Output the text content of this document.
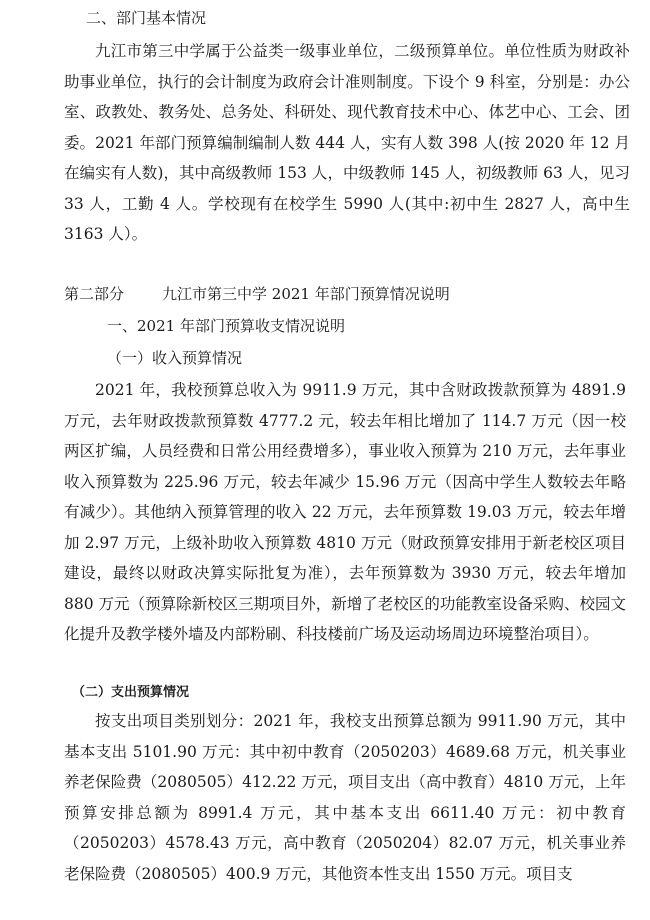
二、部门基本情况

九江市第三中学属于公益类一级事业单位，二级预算单位。单位性质为财政补助事业单位，执行的会计制度为政府会计准则制度。下设个 9 科室，分别是：办公室、政教处、教务处、总务处、科研处、现代教育技术中心、体艺中心、工会、团委。2021 年部门预算编制编制人数 444 人，实有人数 398 人(按 2020 年 12 月在编实有人数)，其中高级教师 153 人，中级教师 145 人，初级教师 63 人，见习 33 人，工勤 4 人。学校现有在校学生 5990 人(其中:初中生 2827 人，高中生 3163 人）。

第二部分	九江市第三中学 2021 年部门预算情况说明

一、2021 年部门预算收支情况说明

（一）收入预算情况

2021 年，我校预算总收入为 9911.9 万元，其中含财政拨款预算为 4891.9 万元，去年财政拨款预算数 4777.2 元，较去年相比增加了 114.7 万元（因一校两区扩编，人员经费和日常公用经费增多），事业收入预算为 210 万元，去年事业收入预算数为 225.96 万元，较去年减少 15.96 万元（因高中学生人数较去年略有减少）。其他纳入预算管理的收入 22 万元，去年预算数 19.03 万元，较去年增加 2.97 万元，上级补助收入预算数 4810 万元（财政预算安排用于新老校区项目建设，最终以财政决算实际批复为准），去年预算数为 3930 万元，较去年增加 880 万元（预算除新校区三期项目外，新增了老校区的功能教室设备采购、校园文化提升及教学楼外墙及内部粉刷、科技楼前广场及运动场周边环境整治项目）。

（二）支出预算情况

按支出项目类别划分：2021 年，我校支出预算总额为 9911.90 万元，其中基本支出 5101.90 万元：其中初中教育（2050203）4689.68 万元，机关事业养老保险费（2080505）412.22 万元，项目支出（高中教育）4810 万元，上年预算安排总额为 8991.4 万元，其中基本支出 6611.40 万元：初中教育（2050203）4578.43 万元，高中教育（2050204）82.07 万元，机关事业养老保险费（2080505）400.9 万元，其他资本性支出 1550 万元。项目支
